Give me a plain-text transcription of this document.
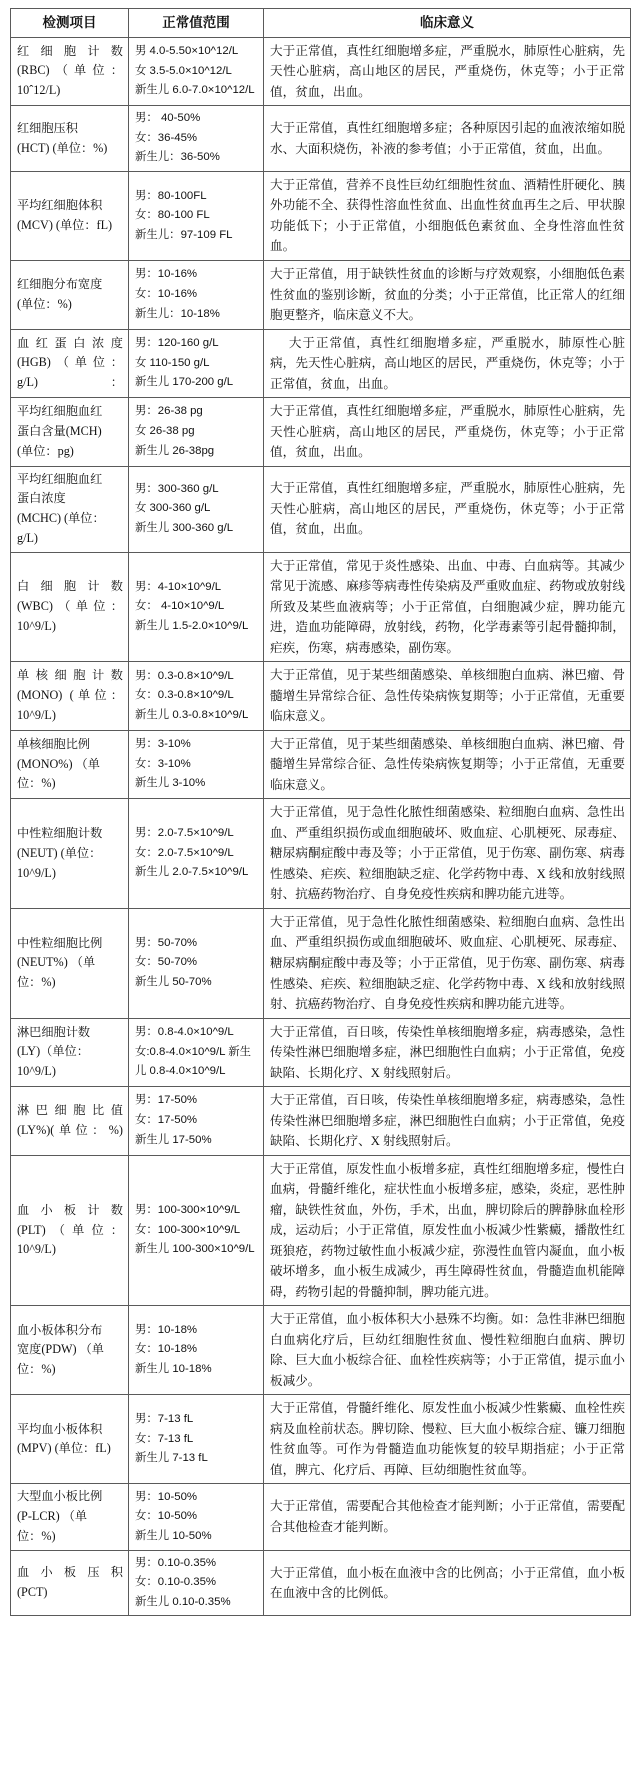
检测项目	正常值范围	临床意义

红细胞计数
(RBC)（单位：
10ˆ12/L)	男 4.0-5.50×10^12/L
女 3.5-5.0×10^12/L
新生儿 6.0-7.0×10^12/L	大于正常值，真性红细胞增多症，严重脱水，肺原性心脏病，先天性心脏病，高山地区的居民，严重烧伤，休克等；小于正常值，贫血，出血。

红细胞压积
(HCT) (单位：%)	男： 40-50%
女：36-45%
新生儿：36-50%	大于正常值，真性红细胞增多症；各种原因引起的血液浓缩如脱水、大面积烧伤，补液的参考值；小于正常值，贫血，出血。

平均红细胞体积
(MCV) (单位：fL)	男：80-100FL
女：80-100 FL
新生儿：97-109 FL	大于正常值，营养不良性巨幼红细胞性贫血、酒精性肝硬化、胰外功能不全、获得性溶血性贫血、出血性贫血再生之后、甲状腺功能低下；小于正常值，小细胞低色素贫血、全身性溶血性贫血。

红细胞分布宽度
(单位：%)	男：10-16%
女：10-16%
新生儿：10-18%	大于正常值，用于缺铁性贫血的诊断与疗效观察，小细胞低色素性贫血的鉴别诊断，贫血的分类；小于正常值，比正常人的红细胞更整齐，临床意义不大。

血红蛋白浓度
(HGB)（单位：
g/L)：	男：120-160 g/L
女 110-150 g/L
新生儿 170-200 g/L	大于正常值，真性红细胞增多症，严重脱水，肺原性心脏病，先天性心脏病，高山地区的居民，严重烧伤，休克等；小于正常值，贫血，出血。

平均红细胞血红
蛋白含量(MCH)
(单位：pg)	男：26-38 pg
女 26-38 pg
新生儿 26-38pg	大于正常值，真性红细胞增多症，严重脱水，肺原性心脏病，先天性心脏病，高山地区的居民，严重烧伤，休克等；小于正常值，贫血，出血。

平均红细胞血红
蛋白浓度
(MCHC) (单位：
g/L)	男：300-360 g/L
女 300-360 g/L
新生儿 300-360 g/L	大于正常值，真性红细胞增多症，严重脱水，肺原性心脏病，先天性心脏病，高山地区的居民，严重烧伤，休克等；小于正常值，贫血，出血。

白细胞计数
(WBC)（单位：
10^9/L)	男：4-10×10^9/L
女： 4-10×10^9/L
新生儿 1.5-2.0×10^9/L	大于正常值，常见于炎性感染、出血、中毒、白血病等。其减少常见于流感、麻疹等病毒性传染病及严重败血症、药物或放射线所致及某些血液病等；小于正常值，白细胞减少症，脾功能亢进，造血功能障碍，放射线，药物，化学毒素等引起骨髓抑制， 疟疾，伤寒，病毒感染，副伤寒。

单核细胞计数
(MONO) (单位：
10^9/L)	男：0.3-0.8×10^9/L
女：0.3-0.8×10^9/L
新生儿 0.3-0.8×10^9/L	大于正常值，见于某些细菌感染、单核细胞白血病、淋巴瘤、骨髓增生异常综合征、急性传染病恢复期等；小于正常值，无重要临床意义。

单核细胞比例
(MONO%) （单
位：%)	男：3-10%
女：3-10%
新生儿 3-10%	大于正常值，见于某些细菌感染、单核细胞白血病、淋巴瘤、骨髓增生异常综合征、急性传染病恢复期等；小于正常值，无重要临床意义。

中性粒细胞计数
(NEUT) (单位：
10^9/L)	男：2.0-7.5×10^9/L
女：2.0-7.5×10^9/L
新生儿 2.0-7.5×10^9/L	大于正常值，见于急性化脓性细菌感染、粒细胞白血病、急性出血、严重组织损伤或血细胞破坏、败血症、心肌梗死、尿毒症、糖尿病酮症酸中毒及等；小于正常值，见于伤寒、副伤寒、病毒性感染、疟疾、粒细胞缺乏症、化学药物中毒、X 线和放射线照射、抗癌药物治疗、自身免疫性疾病和脾功能亢进等。

中性粒细胞比例
(NEUT%) （单
位：%)	男：50-70%
女：50-70%
新生儿 50-70%	大于正常值，见于急性化脓性细菌感染、粒细胞白血病、急性出血、严重组织损伤或血细胞破坏、败血症、心肌梗死、尿毒症、糖尿病酮症酸中毒及等；小于正常值，见于伤寒、副伤寒、病毒性感染、疟疾、粒细胞缺乏症、化学药物中毒、X 线和放射线照射、抗癌药物治疗、自身免疫性疾病和脾功能亢进等。

淋巴细胞计数
(LY)（单位：
10^9/L)	男：0.8-4.0×10^9/L
女:0.8-4.0×10^9/L 新生儿 0.8-4.0×10^9/L	大于正常值，百日咳，传染性单核细胞增多症，病毒感染，急性传染性淋巴细胞增多症，淋巴细胞性白血病；小于正常值，免疫缺陷、长期化疗、X 射线照射后。

淋巴细胞比值
(LY%)(单位：%)	男：17-50%
女：17-50%
新生儿 17-50%	大于正常值，百日咳，传染性单核细胞增多症，病毒感染，急性传染性淋巴细胞增多症，淋巴细胞性白血病；小于正常值，免疫缺陷、长期化疗、X 射线照射后。

血小板计数
(PLT)（单位：
10^9/L)	男：100-300×10^9/L
女：100-300×10^9/L
新生儿 100-300×10^9/L	大于正常值，原发性血小板增多症，真性红细胞增多症，慢性白血病，骨髓纤维化，症状性血小板增多症，感染，炎症，恶性肿瘤，缺铁性贫血，外伤，手术，出血，脾切除后的脾静脉血栓形成，运动后；小于正常值，原发性血小板减少性紫癜，播散性红斑狼疮，药物过敏性血小板减少症，弥漫性血管内凝血，血小板破坏增多，血小板生成减少，再生障碍性贫血，骨髓造血机能障碍，药物引起的骨髓抑制，脾功能亢进。

血小板体积分布
宽度(PDW) （单
位：%)	男：10-18%
女：10-18%
新生儿 10-18%	大于正常值，血小板体积大小悬殊不均衡。如：急性非淋巴细胞白血病化疗后，巨幼红细胞性贫血、慢性粒细胞白血病、脾切除、巨大血小板综合征、血栓性疾病等；小于正常值，提示血小板减少。

平均血小板体积
(MPV) (单位：fL)	男：7-13 fL
女：7-13 fL
新生儿 7-13 fL	大于正常值，骨髓纤维化、原发性血小板减少性紫癜、血栓性疾病及血栓前状态。脾切除、慢粒、巨大血小板综合症、镰刀细胞性贫血等。可作为骨髓造血功能恢复的较早期指症；小于正常值，脾亢、化疗后、再障、巨幼细胞性贫血等。

大型血小板比例
(P-LCR) （单
位：%)	男：10-50%
女：10-50%
新生儿 10-50%	大于正常值，需要配合其他检查才能判断；小于正常值，需要配合其他检查才能判断。

血小板压积
(PCT)	男：0.10-0.35%
女：0.10-0.35%
新生儿 0.10-0.35%	大于正常值，血小板在血液中含的比例高；小于正常值，血小板在血液中含的比例低。
